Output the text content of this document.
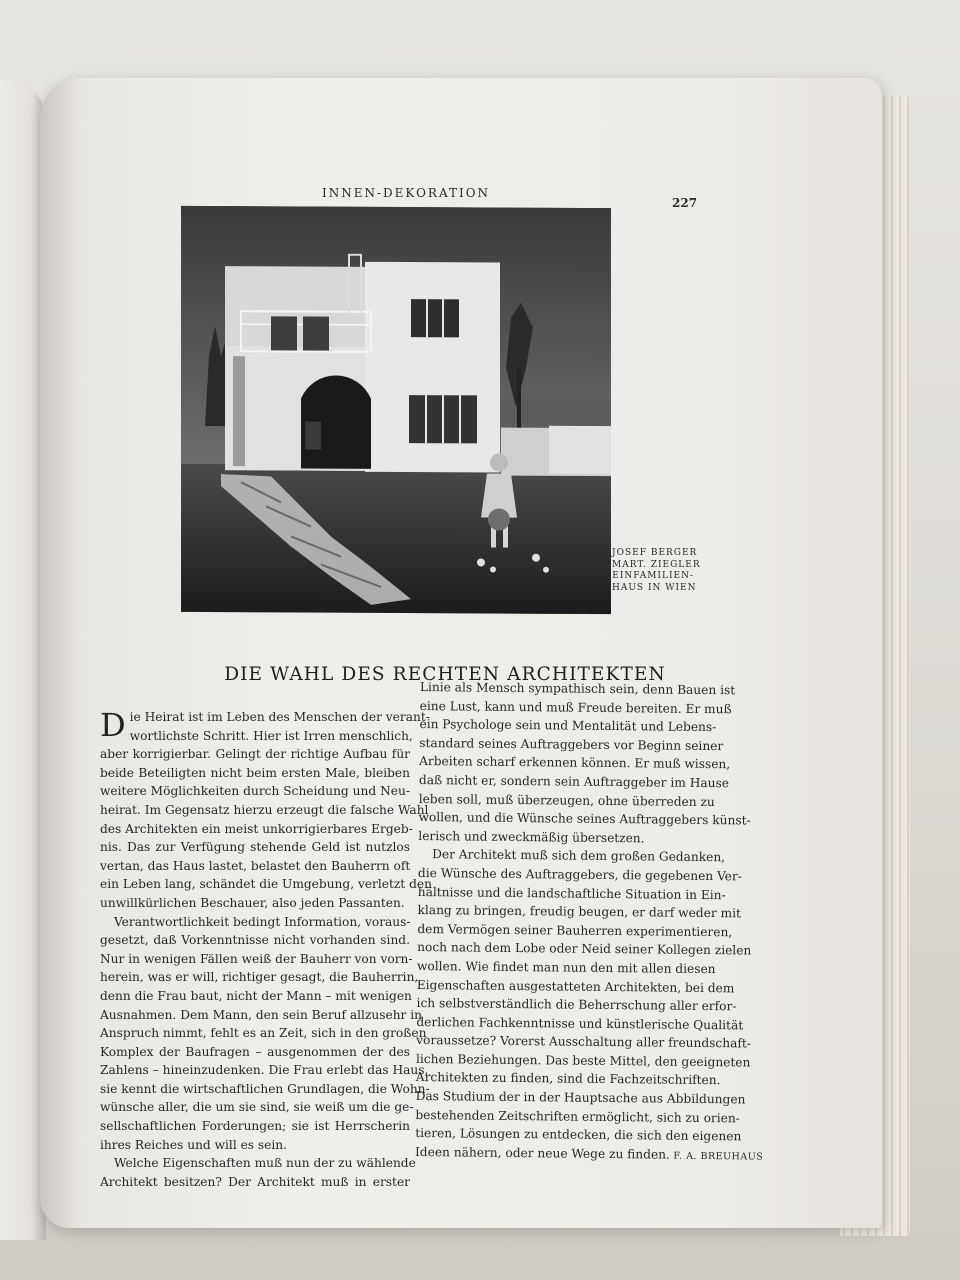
INNEN-DEKORATION
227
JOSEF BERGER
MART. ZIEGLER
EINFAMILIEN-
HAUS IN WIEN
DIE WAHL DES RECHTEN ARCHITEKTEN
D ie Heirat ist im Leben des Menschen der verant-
wortlichste Schritt. Hier ist Irren menschlich,
aber korrigierbar. Gelingt der richtige Aufbau für
beide Beteiligten nicht beim ersten Male, bleiben
weitere Möglichkeiten durch Scheidung und Neu-
heirat. Im Gegensatz hierzu erzeugt die falsche Wahl
des Architekten ein meist unkorrigierbares Ergeb-
nis. Das zur Verfügung stehende Geld ist nutzlos
vertan, das Haus lastet, belastet den Bauherrn oft
ein Leben lang, schändet die Umgebung, verletzt den
unwillkürlichen Beschauer, also jeden Passanten.

Verantwortlichkeit bedingt Information, voraus-
gesetzt, daß Vorkenntnisse nicht vorhanden sind.
Nur in wenigen Fällen weiß der Bauherr von vorn-
herein, was er will, richtiger gesagt, die Bauherrin,
denn die Frau baut, nicht der Mann – mit wenigen
Ausnahmen. Dem Mann, den sein Beruf allzusehr in
Anspruch nimmt, fehlt es an Zeit, sich in den großen
Komplex der Baufragen – ausgenommen der des
Zahlens – hineinzudenken. Die Frau erlebt das Haus,
sie kennt die wirtschaftlichen Grundlagen, die Wohn-
wünsche aller, die um sie sind, sie weiß um die ge-
sellschaftlichen Forderungen; sie ist Herrscherin
ihres Reiches und will es sein.

Welche Eigenschaften muß nun der zu wählende
Architekt besitzen? Der Architekt muß in erster

Linie als Mensch sympathisch sein, denn Bauen ist
eine Lust, kann und muß Freude bereiten. Er muß
ein Psychologe sein und Mentalität und Lebens-
standard seines Auftraggebers vor Beginn seiner
Arbeiten scharf erkennen können. Er muß wissen,
daß nicht er, sondern sein Auftraggeber im Hause
leben soll, muß überzeugen, ohne überreden zu
wollen, und die Wünsche seines Auftraggebers künst-
lerisch und zweckmäßig übersetzen.

Der Architekt muß sich dem großen Gedanken,
die Wünsche des Auftraggebers, die gegebenen Ver-
hältnisse und die landschaftliche Situation in Ein-
klang zu bringen, freudig beugen, er darf weder mit
dem Vermögen seiner Bauherren experimentieren,
noch nach dem Lobe oder Neid seiner Kollegen zielen
wollen. Wie findet man nun den mit allen diesen
Eigenschaften ausgestatteten Architekten, bei dem
ich selbstverständlich die Beherrschung aller erfor-
derlichen Fachkenntnisse und künstlerische Qualität
voraussetze? Vorerst Ausschaltung aller freundschaft-
lichen Beziehungen. Das beste Mittel, den geeigneten
Architekten zu finden, sind die Fachzeitschriften.
Das Studium der in der Hauptsache aus Abbildungen
bestehenden Zeitschriften ermöglicht, sich zu orien-
tieren, Lösungen zu entdecken, die sich den eigenen
Ideen nähern, oder neue Wege zu finden. F. A. BREUHAUS
